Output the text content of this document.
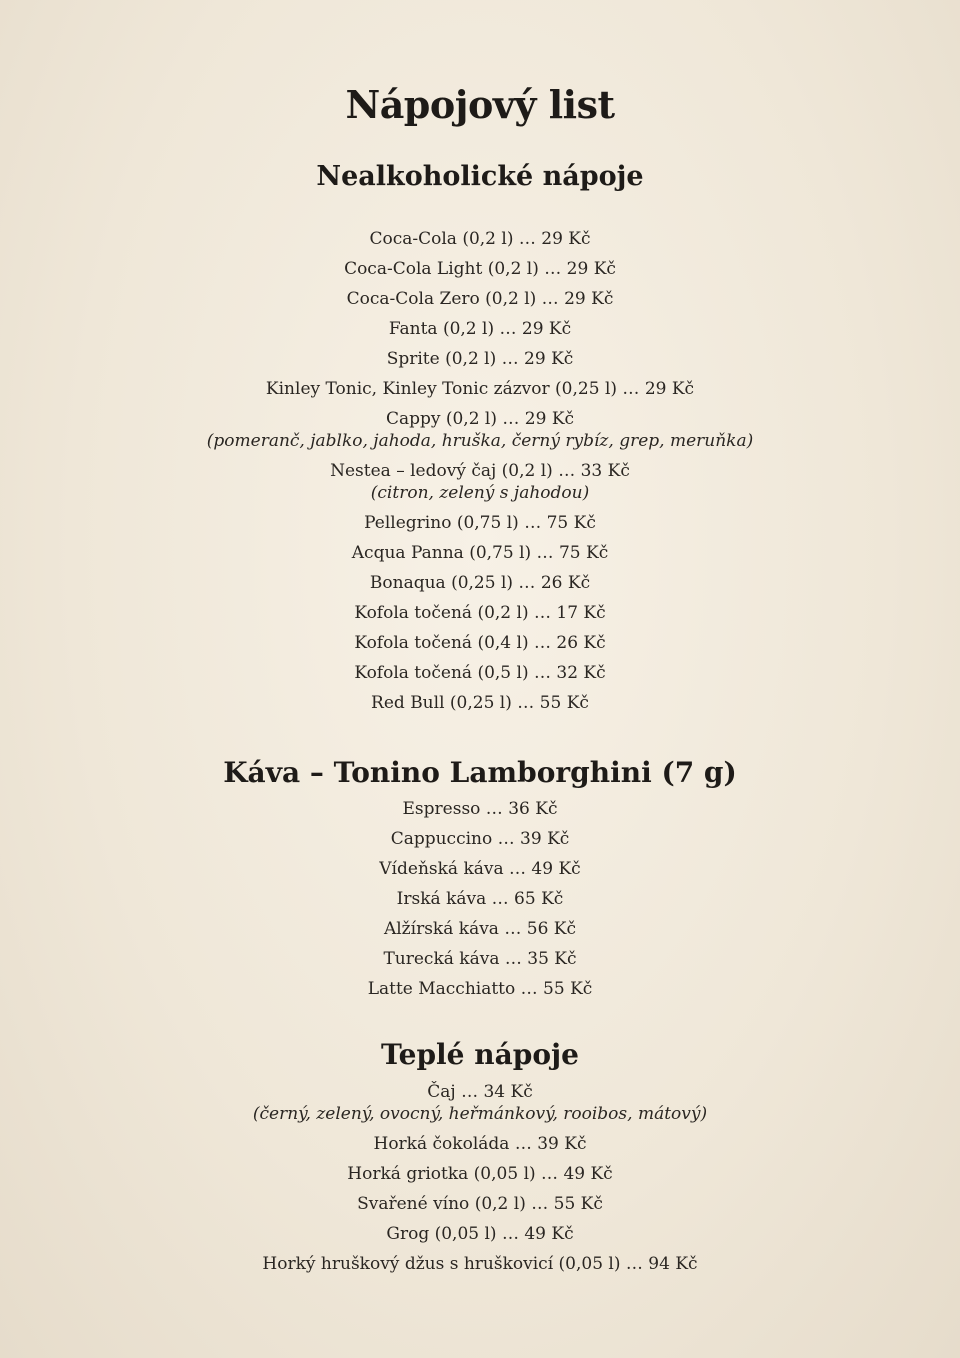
Nápojový list
Nealkoholické nápoje
Coca-Cola (0,2 l) … 29 Kč
Coca-Cola Light (0,2 l) … 29 Kč
Coca-Cola Zero (0,2 l) … 29 Kč
Fanta (0,2 l) … 29 Kč
Sprite (0,2 l) … 29 Kč
Kinley Tonic, Kinley Tonic zázvor (0,25 l) … 29 Kč
Cappy (0,2 l) … 29 Kč
(pomeranč, jablko, jahoda, hruška, černý rybíz, grep, meruňka)
Nestea – ledový čaj (0,2 l) … 33 Kč
(citron, zelený s jahodou)
Pellegrino (0,75 l) … 75 Kč
Acqua Panna (0,75 l) … 75 Kč
Bonaqua (0,25 l) … 26 Kč
Kofola točená (0,2 l) … 17 Kč
Kofola točená (0,4 l) … 26 Kč
Kofola točená (0,5 l) … 32 Kč
Red Bull (0,25 l) … 55 Kč
Káva – Tonino Lamborghini (7 g)
Espresso … 36 Kč
Cappuccino … 39 Kč
Vídeňská káva … 49 Kč
Irská káva … 65 Kč
Alžírská káva … 56 Kč
Turecká káva … 35 Kč
Latte Macchiatto … 55 Kč
Teplé nápoje
Čaj … 34 Kč
(černý, zelený, ovocný, heřmánkový, rooibos, mátový)
Horká čokoláda … 39 Kč
Horká griotka (0,05 l) … 49 Kč
Svařené víno (0,2 l) … 55 Kč
Grog (0,05 l) … 49 Kč
Horký hruškový džus s hruškovicí (0,05 l) … 94 Kč
